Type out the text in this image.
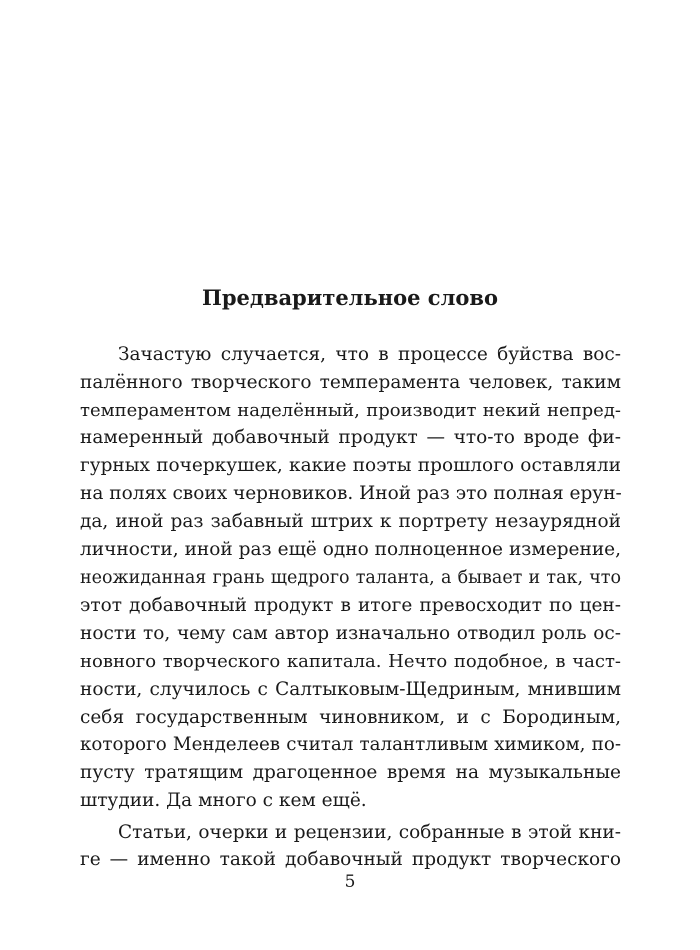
Предварительное слово
Зачастую случается, что в процессе буйства вос-
палённого творческого темперамента человек, таким
темпераментом наделённый, производит некий непред-
намеренный добавочный продукт — что-то вроде фи-
гурных почеркушек, какие поэты прошлого оставляли
на полях своих черновиков. Иной раз это полная ерун-
да, иной раз забавный штрих к портрету незаурядной
личности, иной раз ещё одно полноценное измерение,
неожиданная грань щедрого таланта, а бывает и так, что
этот добавочный продукт в итоге превосходит по цен-
ности то, чему сам автор изначально отводил роль ос-
новного творческого капитала. Нечто подобное, в част-
ности, случилось с Салтыковым-Щедриным, мнившим
себя государственным чиновником, и с Бородиным,
которого Менделеев считал талантливым химиком, по-
пусту тратящим драгоценное время на музыкальные
штудии. Да много с кем ещё.
Статьи, очерки и рецензии, собранные в этой кни-
ге — именно такой добавочный продукт творческого
5
